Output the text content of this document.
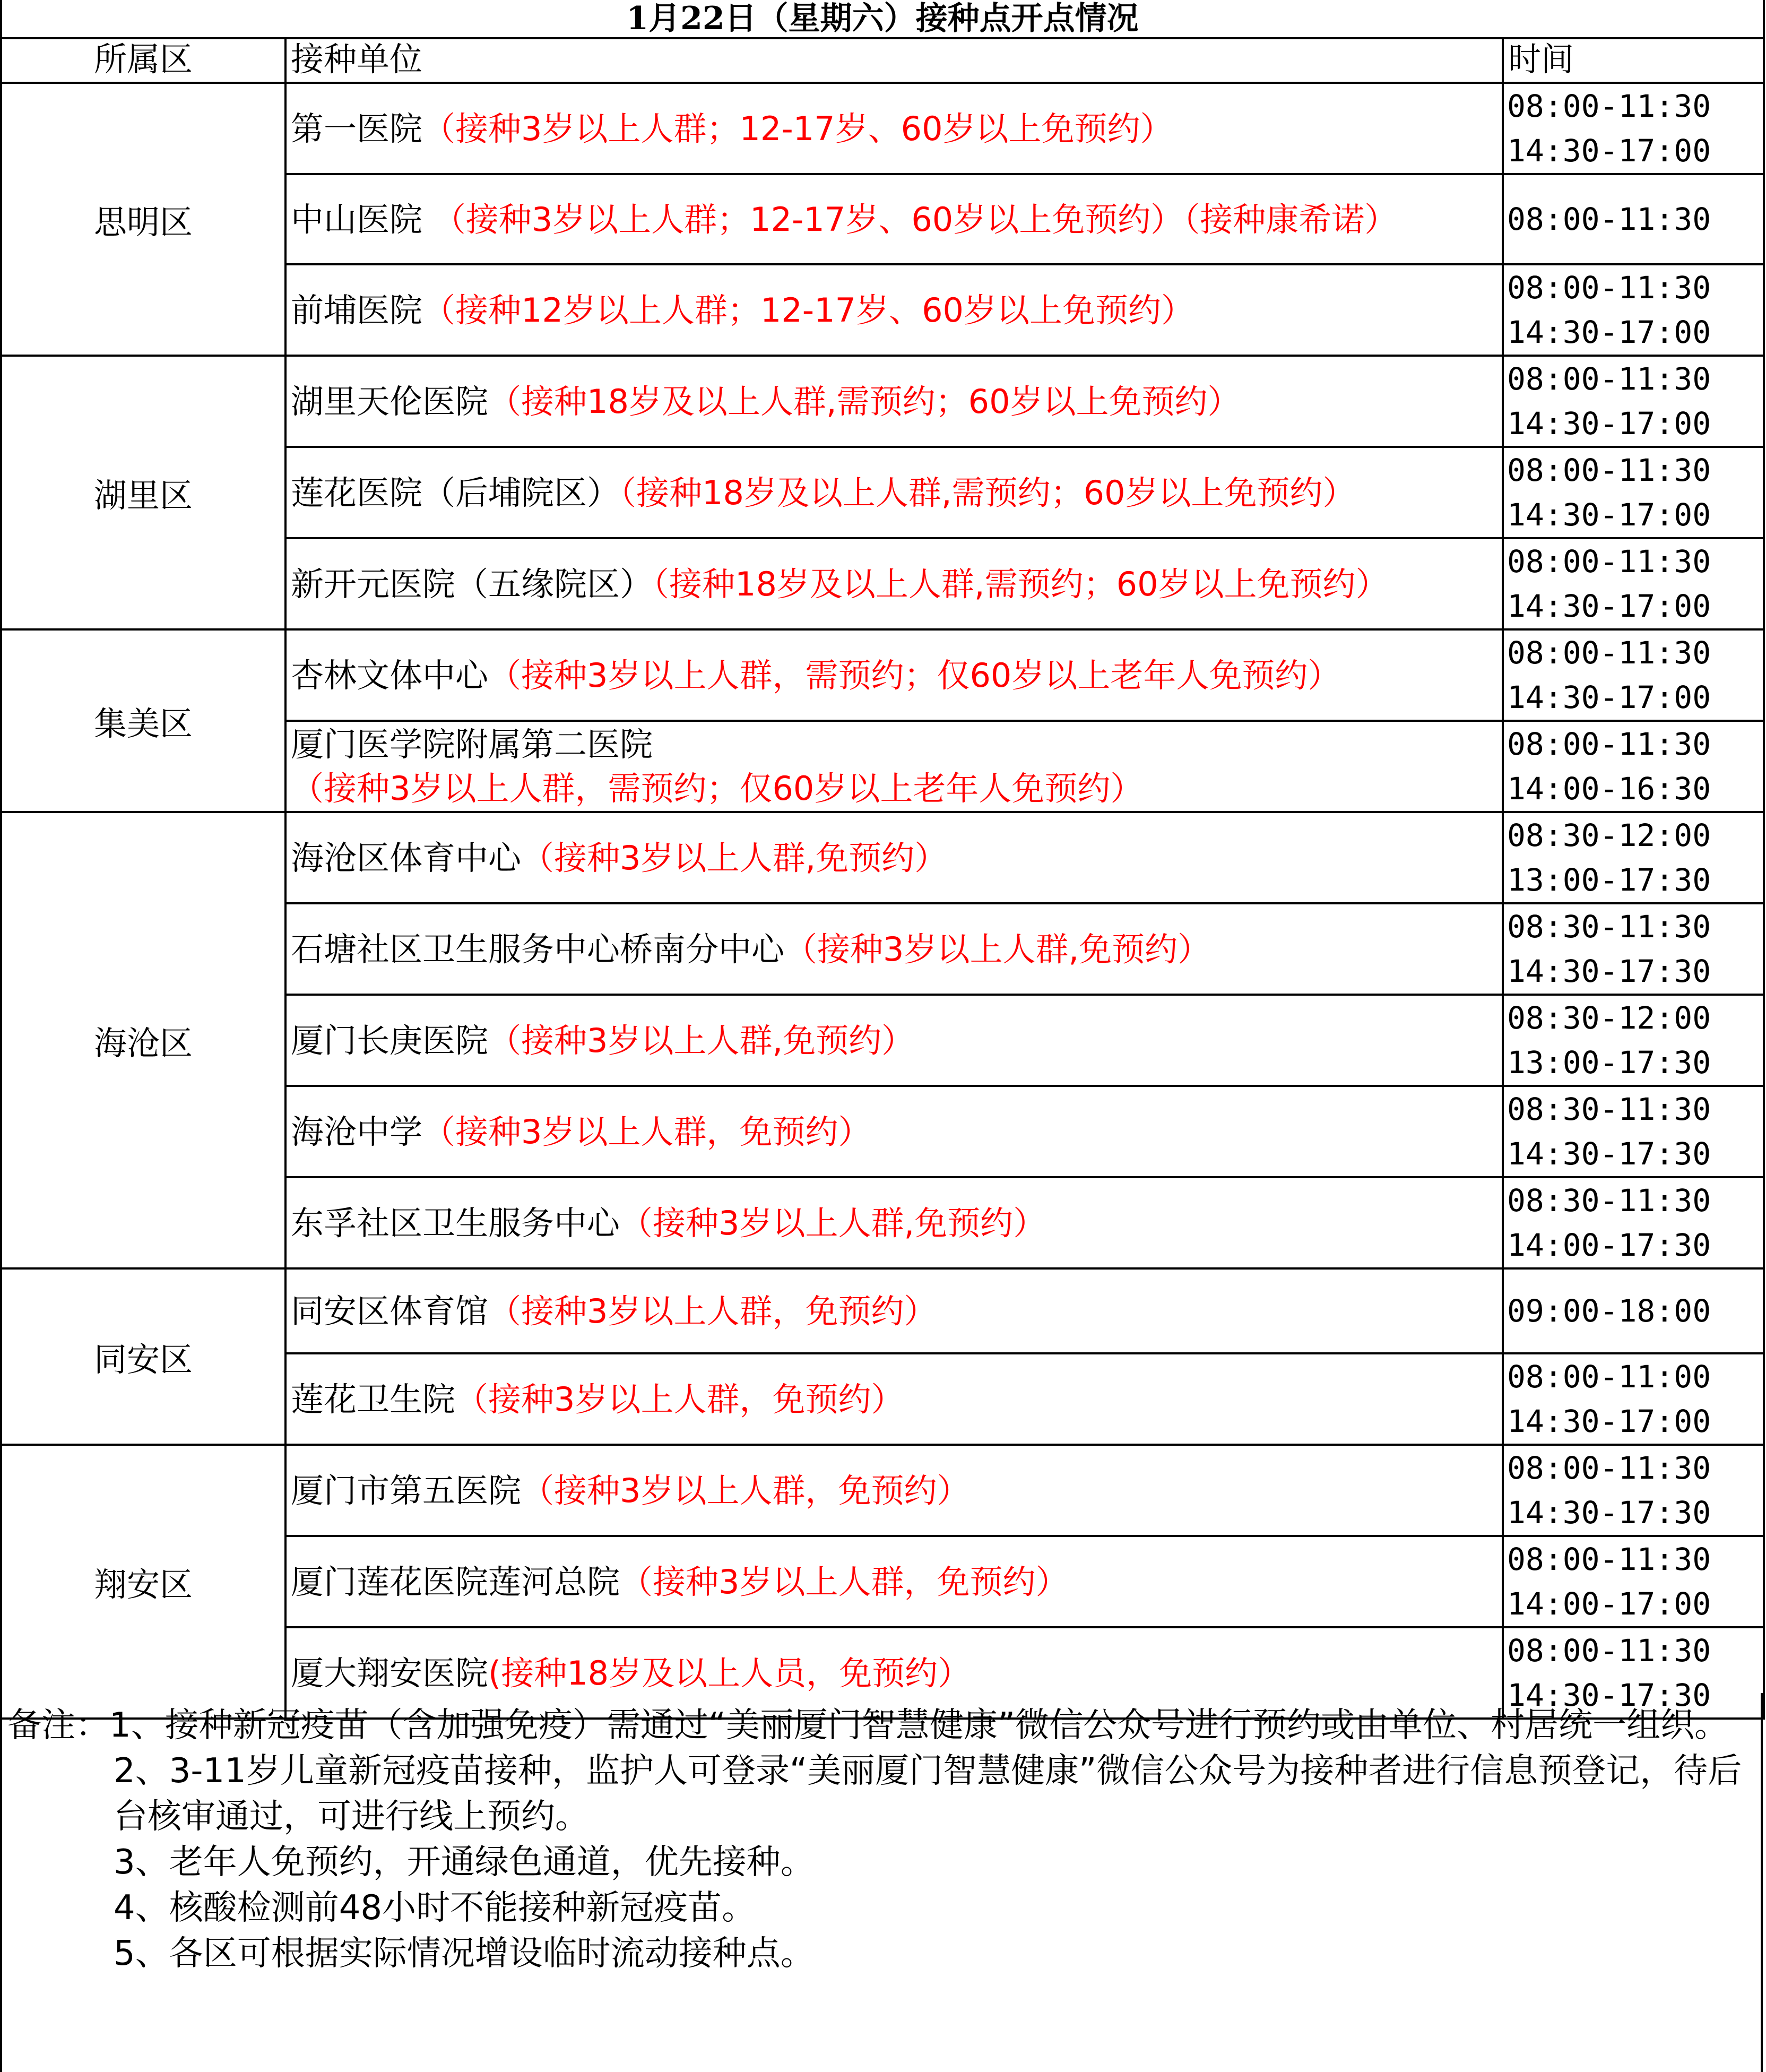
1月22日（星期六）接种点开点情况		
所属区	接种单位	时间
思明区	第一医院（接种3岁以上人群；12-17岁、60岁以上免预约）	08:00-11:30
14:30-17:00

	中山医院 （接种3岁以上人群；12-17岁、60岁以上免预约）（接种康希诺）	08:00-11:30

	前埔医院（接种12岁以上人群；12-17岁、60岁以上免预约）	08:00-11:30
14:30-17:00

湖里区	湖里天伦医院（接种18岁及以上人群,需预约；60岁以上免预约）	08:00-11:30
14:30-17:00

	莲花医院（后埔院区）（接种18岁及以上人群,需预约；60岁以上免预约）	08:00-11:30
14:30-17:00

	新开元医院（五缘院区）（接种18岁及以上人群,需预约；60岁以上免预约）	08:00-11:30
14:30-17:00

集美区	杏林文体中心（接种3岁以上人群，需预约；仅60岁以上老年人免预约）	08:00-11:30
14:30-17:00

	厦门医学院附属第二医院（接种3岁以上人群，需预约；仅60岁以上老年人免预约）	08:00-11:30
14:00-16:30

海沧区	海沧区体育中心（接种3岁以上人群,免预约）	08:30-12:00
13:00-17:30

	石塘社区卫生服务中心桥南分中心（接种3岁以上人群,免预约）	08:30-11:30
14:30-17:30

	厦门长庚医院（接种3岁以上人群,免预约）	08:30-12:00
13:00-17:30

	海沧中学（接种3岁以上人群，免预约）	08:30-11:30
14:30-17:30

	东孚社区卫生服务中心（接种3岁以上人群,免预约）	08:30-11:30
14:00-17:30

同安区	同安区体育馆（接种3岁以上人群，免预约）	09:00-18:00

	莲花卫生院（接种3岁以上人群，免预约）	08:00-11:00
14:30-17:00

翔安区	厦门市第五医院（接种3岁以上人群，免预约）	08:00-11:30
14:30-17:30

	厦门莲花医院莲河总院（接种3岁以上人群，免预约）	08:00-11:30
14:00-17:00

	厦大翔安医院(接种18岁及以上人员，免预约）	08:00-11:30
14:30-17:30

备注：1、接种新冠疫苗（含加强免疫）需通过“美丽厦门智慧健康”微信公众号进行预约或由单位、村居统一组织。

2、3-11岁儿童新冠疫苗接种，监护人可登录“美丽厦门智慧健康”微信公众号为接种者进行信息预登记，待后台核审通过，可进行线上预约。

3、老年人免预约，开通绿色通道，优先接种。

4、核酸检测前48小时不能接种新冠疫苗。

5、各区可根据实际情况增设临时流动接种点。
